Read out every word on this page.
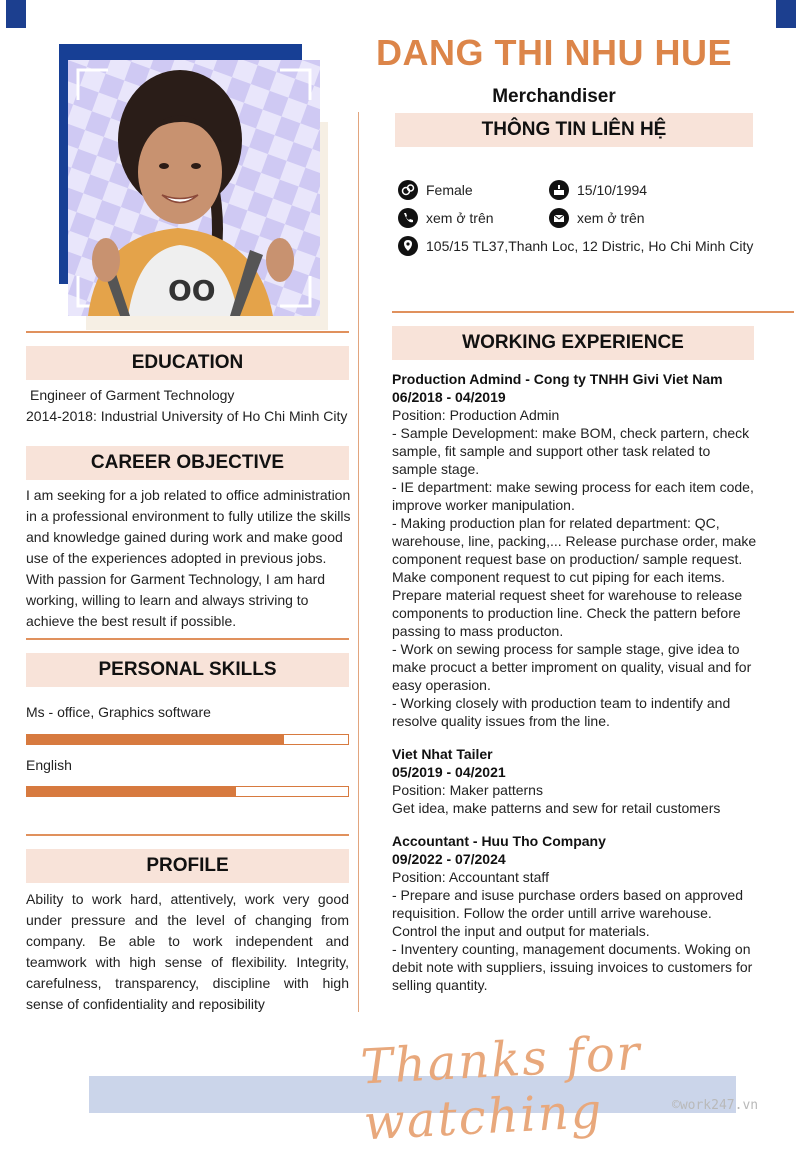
OO
DANG THI NHU HUE
Merchandiser
THÔNG TIN LIÊN HỆ
Female	15/10/1994
xem ở trên	xem ở trên
105/15 TL37,Thanh Loc, 12 Distric, Ho Chi Minh City
EDUCATION
Engineer of Garment Technology
2014-2018: Industrial University of Ho Chi Minh City
CAREER OBJECTIVE
I am seeking for a job related to office administration in a professional environment to fully utilize the skills and knowledge gained during work and make good use of the experiences adopted in previous jobs. With passion for Garment Technology, I am hard working, willing to learn and always striving to achieve the best result if possible.
PERSONAL SKILLS
Ms - office, Graphics software
English
PROFILE
Ability to work hard, attentively, work very good under pressure and the level of changing from company. Be able to work independent and teamwork with high sense of flexibility. Integrity, carefulness, transparency, discipline with high sense of confidentiality and reposibility
WORKING EXPERIENCE
Production Admind - Cong ty TNHH Givi Viet Nam
06/2018 - 04/2019
Position: Production Admin
- Sample Development: make BOM, check partern, check sample, fit sample and support other task related to sample stage.
- IE department: make sewing process for each item code, improve worker manipulation.
- Making production plan for related department: QC, warehouse, line, packing,... Release purchase order, make component request base on production/ sample request. Make component request to cut piping for each items. Prepare material request sheet for warehouse to release components to production line. Check the pattern before passing to mass producton.
- Work on sewing process for sample stage, give idea to make procuct a better improment on quality, visual and for easy operasion.
- Working closely with production team to indentify and resolve quality issues from the line.
Viet Nhat Tailer
05/2019 - 04/2021
Position: Maker patterns
Get idea, make patterns and sew for retail customers
Accountant - Huu Tho Company
09/2022 - 07/2024
Position: Accountant staff
- Prepare and isuse purchase orders based on approved requisition. Follow the order untill arrive warehouse. Control the input and output for materials.
- Inventery counting, management documents. Woking on debit note with suppliers, issuing invoices to customers for selling quantity.
Thanks for watching	©work247.vn
